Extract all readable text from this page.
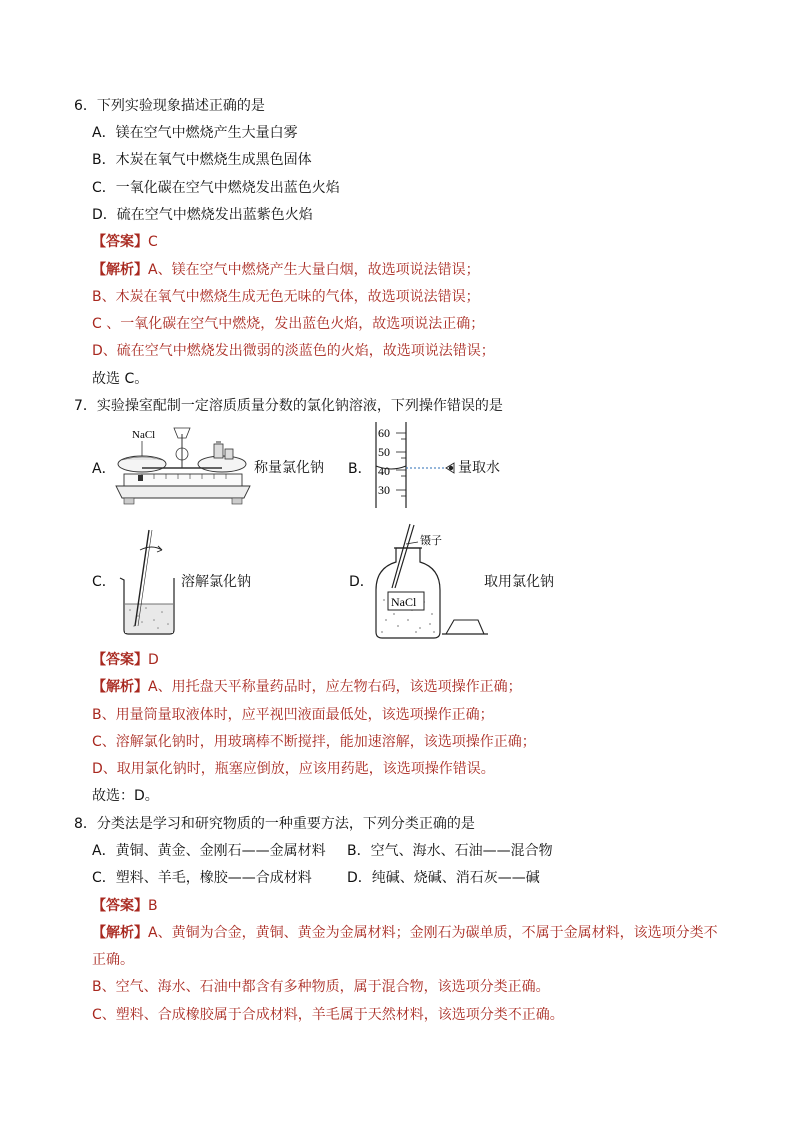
6．下列实验现象描述正确的是
A．镁在空气中燃烧产生大量白雾
B．木炭在氧气中燃烧生成黑色固体
C．一氧化碳在空气中燃烧发出蓝色火焰
D．硫在空气中燃烧发出蓝紫色火焰
【答案】C
【解析】A、镁在空气中燃烧产生大量白烟，故选项说法错误；
B、木炭在氧气中燃烧生成无色无味的气体，故选项说法错误；
C 、一氧化碳在空气中燃烧，发出蓝色火焰，故选项说法正确；
D、硫在空气中燃烧发出微弱的淡蓝色的火焰，故选项说法错误；
故选 C。
7．实验操室配制一定溶质质量分数的氯化钠溶液，下列操作错误的是
A．
NaCl
称量氯化钠 B．
60
50
40
30
量取水
C．	溶解氯化钠	D．
镊子
NaCl
取用氯化钠
【答案】D
【解析】A、用托盘天平称量药品时，应左物右码，该选项操作正确；
B、用量筒量取液体时，应平视凹液面最低处，该选项操作正确；
C、溶解氯化钠时，用玻璃棒不断搅拌，能加速溶解，该选项操作正确；
D、取用氯化钠时，瓶塞应倒放，应该用药匙，该选项操作错误。
故选：D。
8．分类法是学习和研究物质的一种重要方法，下列分类正确的是
A．黄铜、黄金、金刚石——金属材料 B．空气、海水、石油——混合物
C．塑料、羊毛，橡胶——合成材料	D．纯碱、烧碱、消石灰——碱
【答案】B
【解析】A、黄铜为合金，黄铜、黄金为金属材料；金刚石为碳单质，不属于金属材料，该选项分类不
正确。
B、空气、海水、石油中都含有多种物质，属于混合物，该选项分类正确。
C、塑料、合成橡胶属于合成材料，羊毛属于天然材料，该选项分类不正确。
